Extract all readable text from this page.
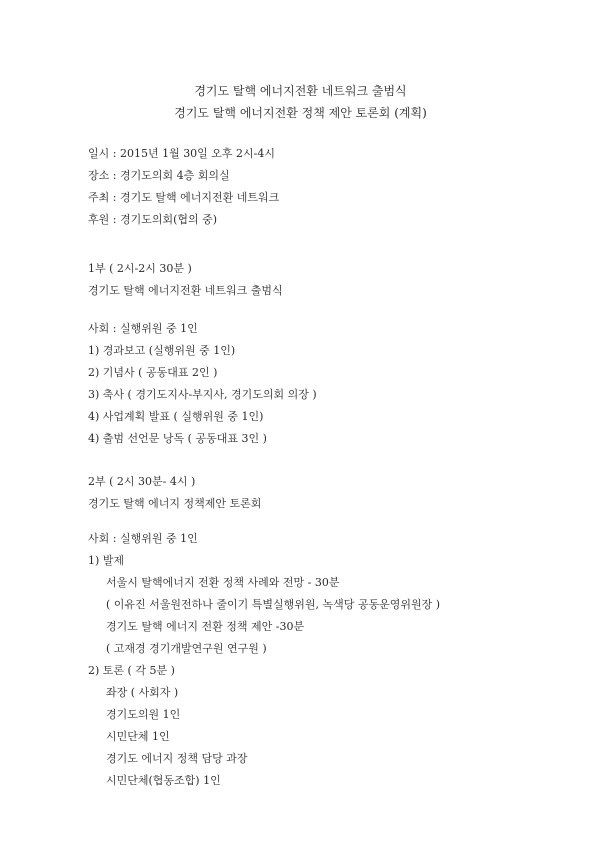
경기도 탈핵 에너지전환 네트워크 출범식
경기도 탈핵 에너지전환 정책 제안 토론회 (계획)
일시 : 2015년 1월 30일 오후 2시-4시
장소 : 경기도의회 4층 회의실
주최 : 경기도 탈핵 에너지전환 네트워크
후원 : 경기도의회(협의 중)
1부 ( 2시-2시 30분 )
경기도 탈핵 에너지전환 네트워크 출범식
사회 : 실행위원 중 1인
1) 경과보고 (실행위원 중 1인)
2) 기념사 ( 공동대표 2인 )
3) 축사 ( 경기도지사-부지사, 경기도의회 의장 )
4) 사업계획 발표 ( 실행위원 중 1인)
4) 출범 선언문 낭독 ( 공동대표 3인 )
2부 ( 2시 30분- 4시 )
경기도 탈핵 에너지 정책제안 토론회
사회 : 실행위원 중 1인
1) 발제
서울시 탈핵에너지 전환 정책 사례와 전망 - 30분
( 이유진 서울원전하나 줄이기 특별실행위원, 녹색당 공동운영위원장 )
경기도 탈핵 에너지 전환 정책 제안 -30분
( 고재경 경기개발연구원 연구원 )
2) 토론 ( 각 5분 )
좌장 ( 사회자 )
경기도의원 1인
시민단체 1인
경기도 에너지 정책 담당 과장
시민단체(협동조합) 1인
